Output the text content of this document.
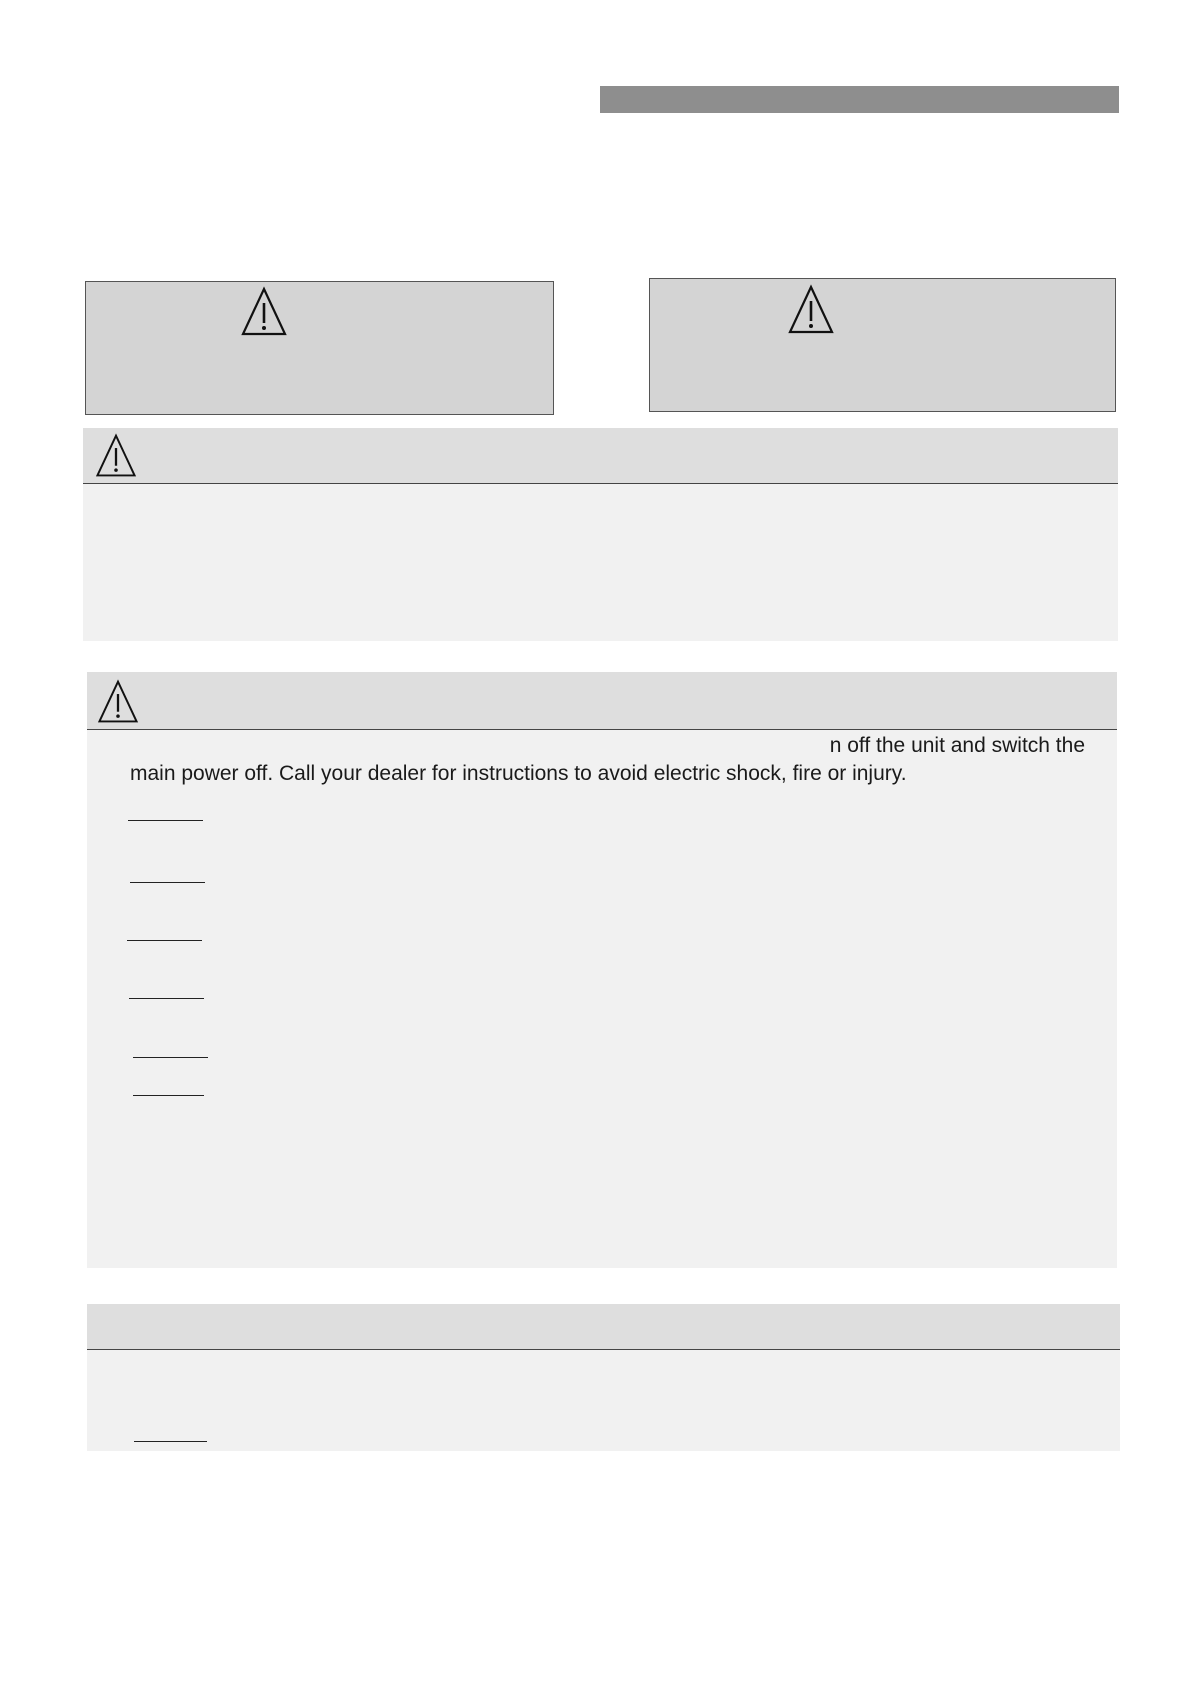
n off the unit and switch the
main power off. Call your dealer for instructions to avoid electric shock, fire or injury.
